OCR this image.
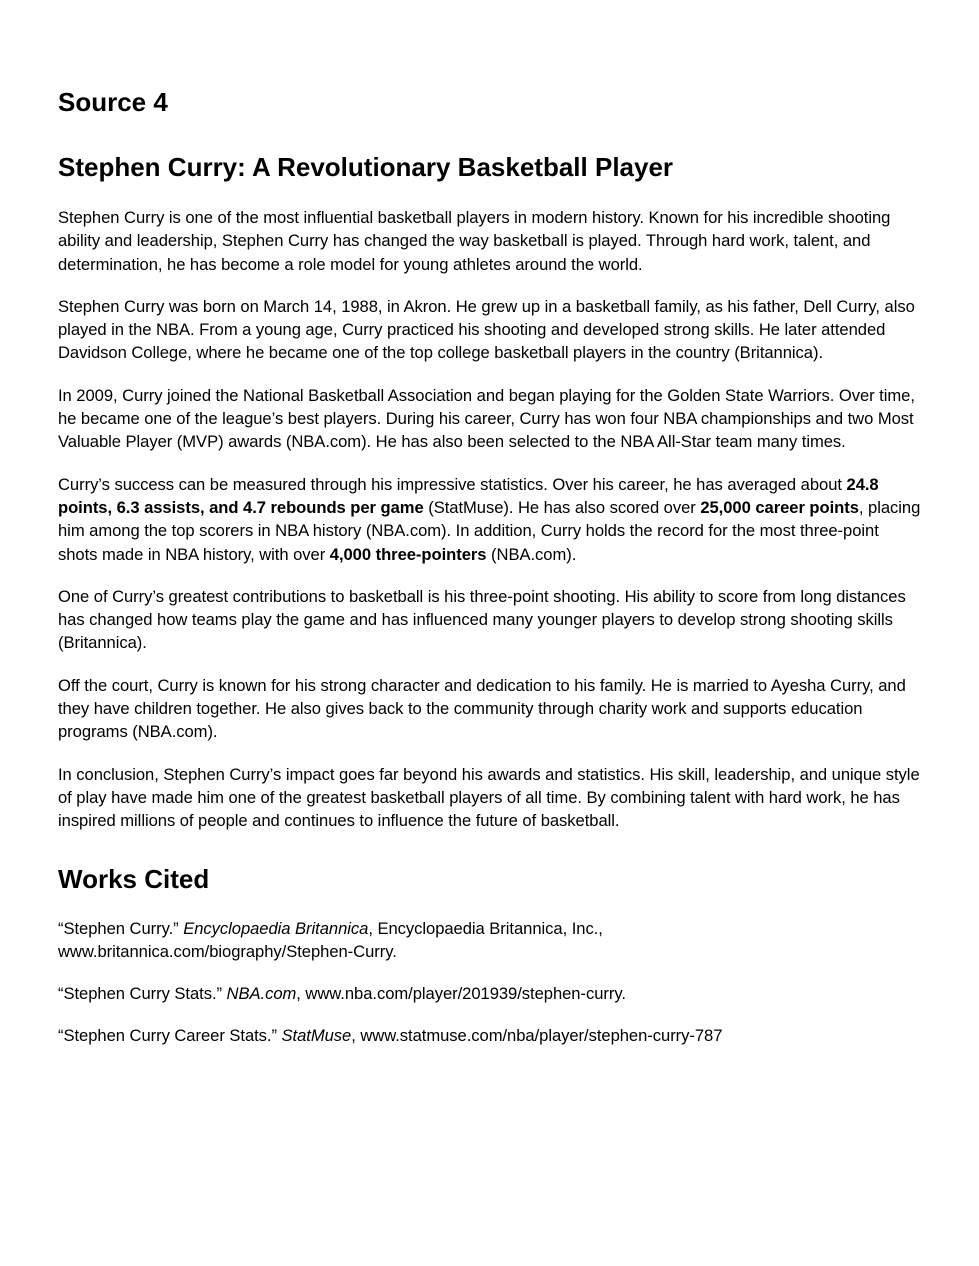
Source 4
Stephen Curry: A Revolutionary Basketball Player

Stephen Curry is one of the most influential basketball players in modern history. Known for his incredible shooting ability and leadership, Stephen Curry has changed the way basketball is played. Through hard work, talent, and determination, he has become a role model for young athletes around the world.

Stephen Curry was born on March 14, 1988, in Akron. He grew up in a basketball family, as his father, Dell Curry, also played in the NBA. From a young age, Curry practiced his shooting and developed strong skills. He later attended Davidson College, where he became one of the top college basketball players in the country (Britannica).

In 2009, Curry joined the National Basketball Association and began playing for the Golden State Warriors. Over time, he became one of the league’s best players. During his career, Curry has won four NBA championships and two Most Valuable Player (MVP) awards (NBA.com). He has also been selected to the NBA All-Star team many times.

Curry’s success can be measured through his impressive statistics. Over his career, he has averaged about 24.8 points, 6.3 assists, and 4.7 rebounds per game (StatMuse). He has also scored over 25,000 career points, placing him among the top scorers in NBA history (NBA.com). In addition, Curry holds the record for the most three-point shots made in NBA history, with over 4,000 three-pointers (NBA.com).

One of Curry’s greatest contributions to basketball is his three-point shooting. His ability to score from long distances has changed how teams play the game and has influenced many younger players to develop strong shooting skills (Britannica).

Off the court, Curry is known for his strong character and dedication to his family. He is married to Ayesha Curry, and they have children together. He also gives back to the community through charity work and supports education programs (NBA.com).

In conclusion, Stephen Curry’s impact goes far beyond his awards and statistics. His skill, leadership, and unique style of play have made him one of the greatest basketball players of all time. By combining talent with hard work, he has inspired millions of people and continues to influence the future of basketball.

Works Cited

“Stephen Curry.” Encyclopaedia Britannica, Encyclopaedia Britannica, Inc.,
www.britannica.com/biography/Stephen-Curry.

“Stephen Curry Stats.” NBA.com, www.nba.com/player/201939/stephen-curry.

“Stephen Curry Career Stats.” StatMuse, www.statmuse.com/nba/player/stephen-curry-787
